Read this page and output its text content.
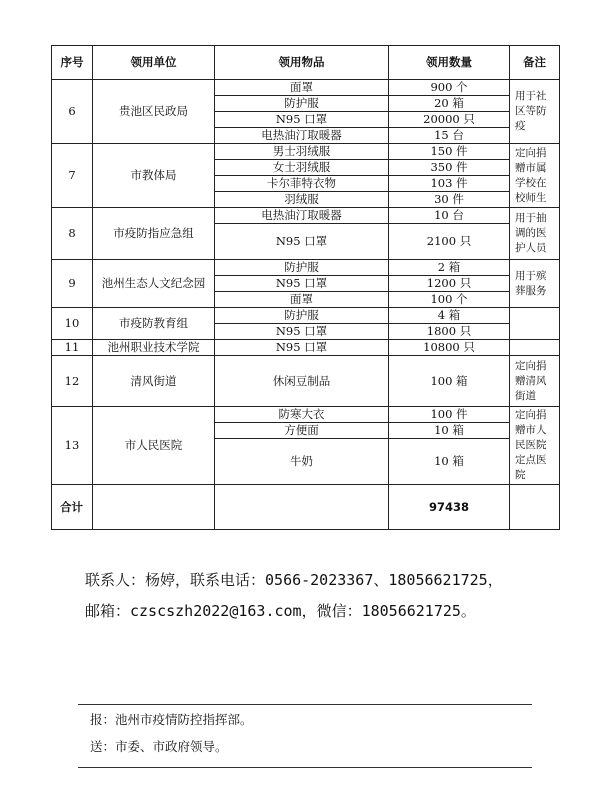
序号	领用单位	领用物品	领用数量	备注
6	贵池区民政局	面罩	900 个	用于社区等防疫
		防护服	20 箱	
		N95 口罩	20000 只	
		电热油汀取暖器	15 台	
7	市教体局	男士羽绒服	150 件	定向捐赠市属学校在校师生
		女士羽绒服	350 件	
		卡尔菲特衣物	103 件	
		羽绒服	30 件	
8	市疫防指应急组	电热油汀取暖器	10 台	用于抽调的医护人员
		N95 口罩	2100 只	
9	池州生态人文纪念园	防护服	2 箱	用于殡葬服务
		N95 口罩	1200 只	
		面罩	100 个	
10	市疫防教育组	防护服	4 箱	
		N95 口罩	1800 只	
11	池州职业技术学院	N95 口罩	10800 只	
12	清风街道	休闲豆制品	100 箱	定向捐赠清风街道
13	市人民医院	防寒大衣	100 件	定向捐赠市人民医院定点医院
		方便面	10 箱	
		牛奶	10 箱	
合计			97438	
联系人：杨婷，联系电话：0566-2023367、18056621725，
邮箱：czscszh2022@163.com，微信：18056621725。
报：池州市疫情防控指挥部。
送：市委、市政府领导。
